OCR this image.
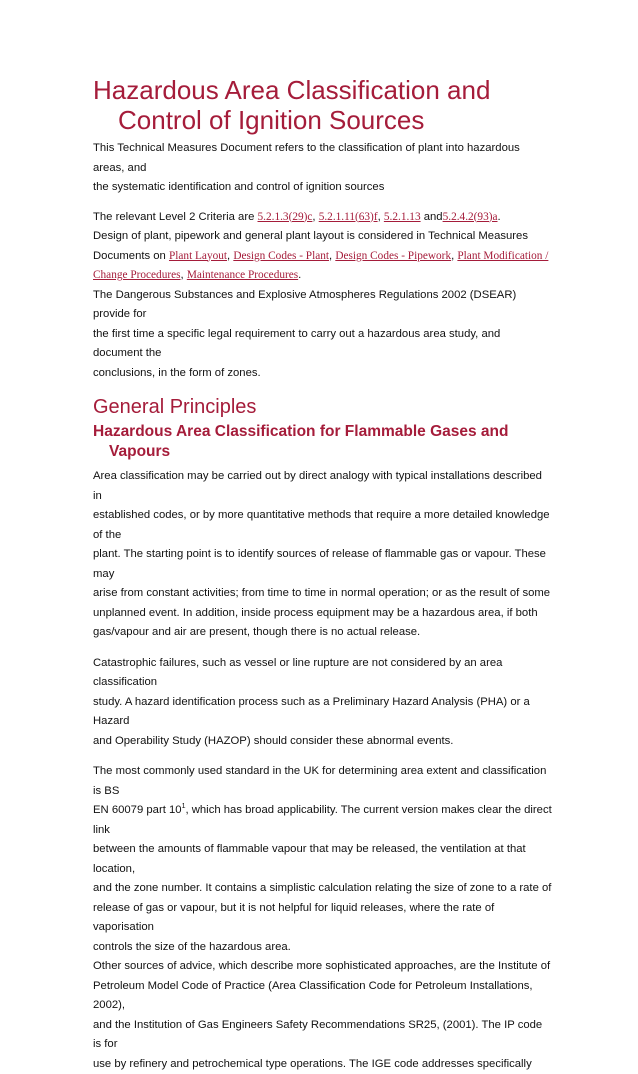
Hazardous Area Classification and
Control of Ignition Sources
This Technical Measures Document refers to the classification of plant into hazardous areas, and
the systematic identification and control of ignition sources
The relevant Level 2 Criteria are 5.2.1.3(29)c, 5.2.1.11(63)f, 5.2.1.13 and5.2.4.2(93)a.
Design of plant, pipework and general plant layout is considered in Technical Measures
Documents on Plant Layout, Design Codes - Plant, Design Codes - Pipework, Plant Modification /
Change Procedures, Maintenance Procedures.
The Dangerous Substances and Explosive Atmospheres Regulations 2002 (DSEAR) provide for
the first time a specific legal requirement to carry out a hazardous area study, and document the
conclusions, in the form of zones.
General Principles
Hazardous Area Classification for Flammable Gases and
Vapours
Area classification may be carried out by direct analogy with typical installations described in
established codes, or by more quantitative methods that require a more detailed knowledge of the
plant. The starting point is to identify sources of release of flammable gas or vapour. These may
arise from constant activities; from time to time in normal operation; or as the result of some
unplanned event. In addition, inside process equipment may be a hazardous area, if both
gas/vapour and air are present, though there is no actual release.
Catastrophic failures, such as vessel or line rupture are not considered by an area classification
study. A hazard identification process such as a Preliminary Hazard Analysis (PHA) or a Hazard
and Operability Study (HAZOP) should consider these abnormal events.
The most commonly used standard in the UK for determining area extent and classification is BS
EN 60079 part $10^1$, which has broad applicability. The current version makes clear the direct link
between the amounts of flammable vapour that may be released, the ventilation at that location,
and the zone number. It contains a simplistic calculation relating the size of zone to a rate of
release of gas or vapour, but it is not helpful for liquid releases, where the rate of vaporisation
controls the size of the hazardous area.
Other sources of advice, which describe more sophisticated approaches, are the Institute of
Petroleum Model Code of Practice (Area Classification Code for Petroleum Installations, 2002),
and the Institution of Gas Engineers Safety Recommendations SR25, (2001). The IP code is for
use by refinery and petrochemical type operations. The IGE code addresses specifically
